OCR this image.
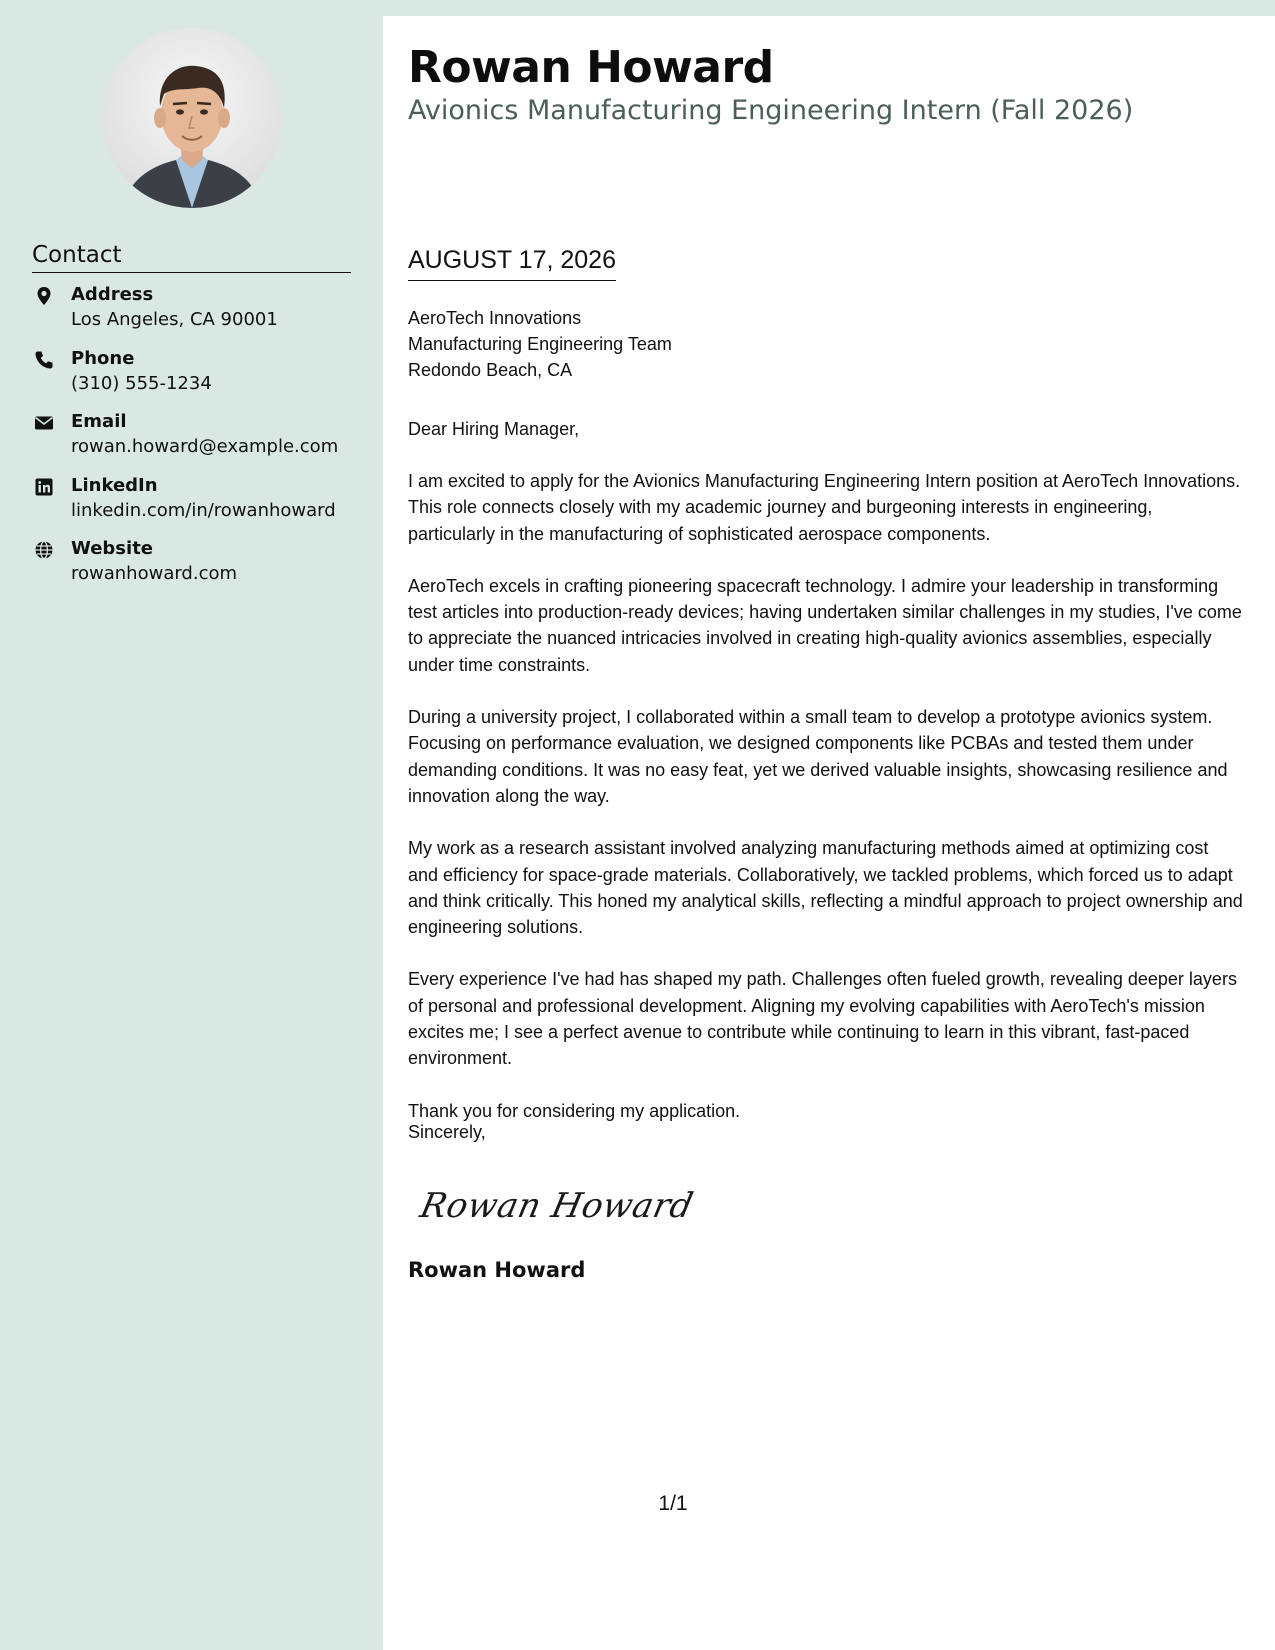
Contact
Address
Los Angeles, CA 90001
Phone
(310) 555-1234
Email
rowan.howard@example.com
LinkedIn
linkedin.com/in/rowanhoward
Website
rowanhoward.com
Rowan Howard
Avionics Manufacturing Engineering Intern (Fall 2026)
AUGUST 17, 2026
AeroTech Innovations
Manufacturing Engineering Team
Redondo Beach, CA
Dear Hiring Manager,

I am excited to apply for the Avionics Manufacturing Engineering Intern position at AeroTech Innovations. This role connects closely with my academic journey and burgeoning interests in engineering, particularly in the manufacturing of sophisticated aerospace components.

AeroTech excels in crafting pioneering spacecraft technology. I admire your leadership in transforming test articles into production-ready devices; having undertaken similar challenges in my studies, I've come to appreciate the nuanced intricacies involved in creating high-quality avionics assemblies, especially under time constraints.

During a university project, I collaborated within a small team to develop a prototype avionics system. Focusing on performance evaluation, we designed components like PCBAs and tested them under demanding conditions. It was no easy feat, yet we derived valuable insights, showcasing resilience and innovation along the way.

My work as a research assistant involved analyzing manufacturing methods aimed at optimizing cost and efficiency for space-grade materials. Collaboratively, we tackled problems, which forced us to adapt and think critically. This honed my analytical skills, reflecting a mindful approach to project ownership and engineering solutions.

Every experience I've had has shaped my path. Challenges often fueled growth, revealing deeper layers of personal and professional development. Aligning my evolving capabilities with AeroTech's mission excites me; I see a perfect avenue to contribute while continuing to learn in this vibrant, fast-paced environment.

Thank you for considering my application.

Sincerely,
Rowan Howard
Rowan Howard
1/1
